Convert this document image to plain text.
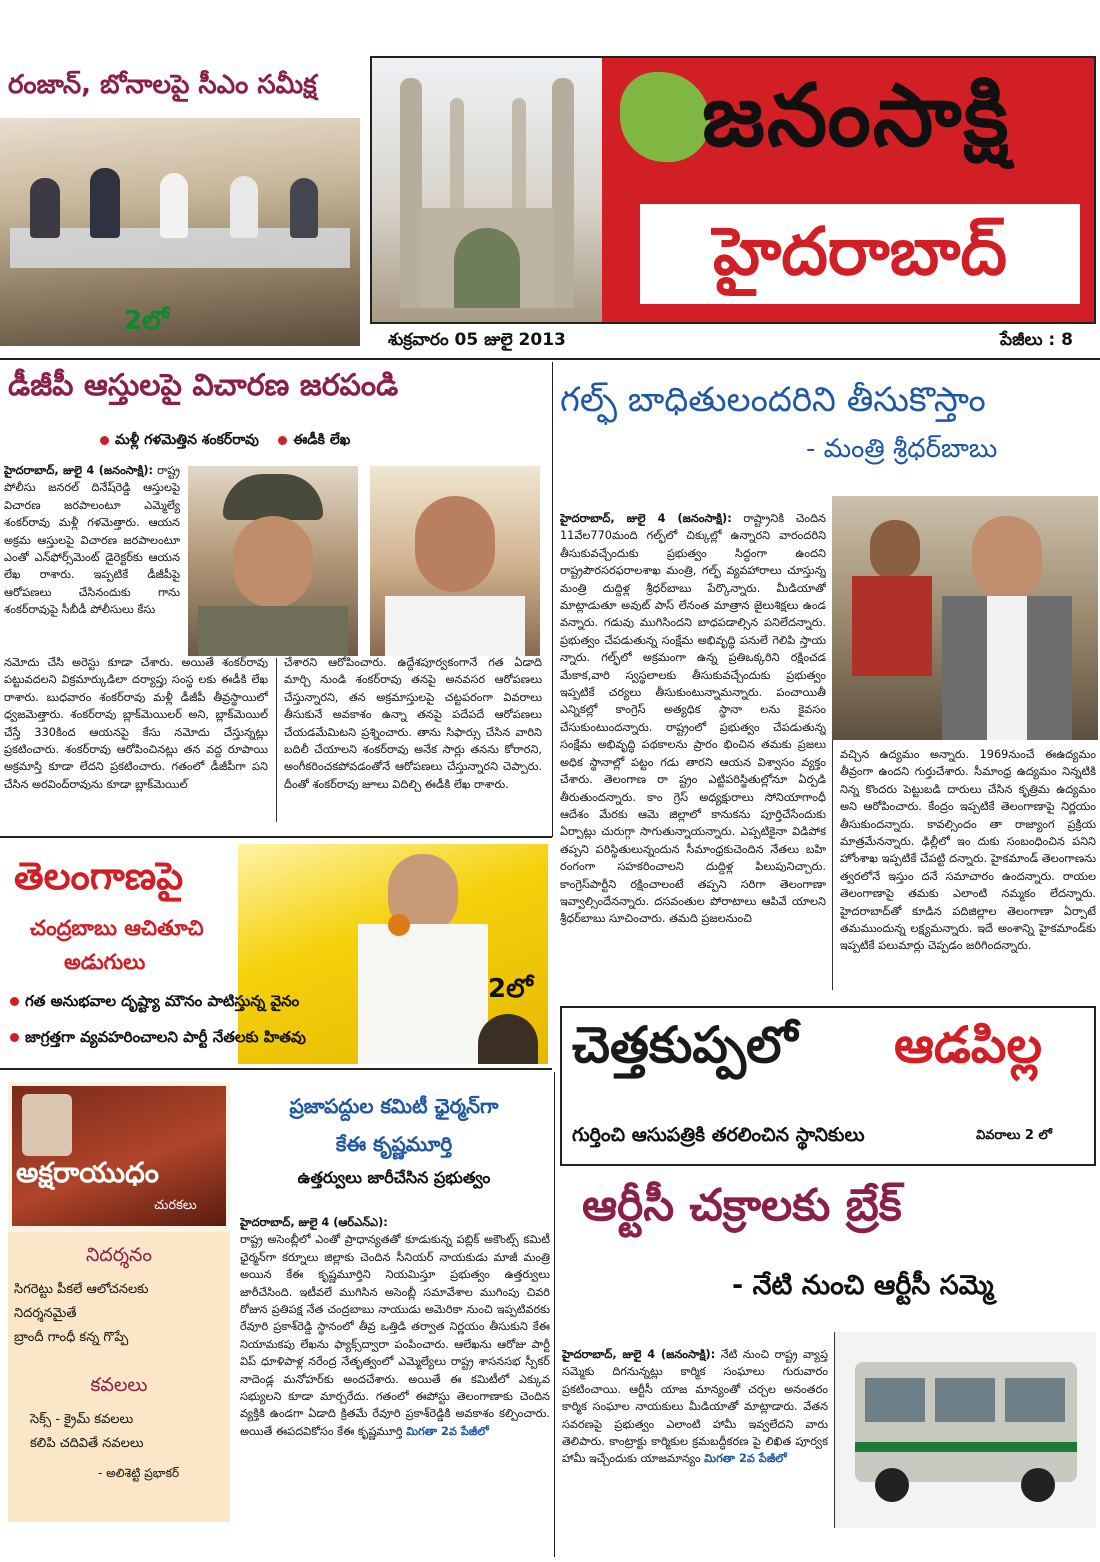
రంజాన్‌, బోనాలపై సీఎం సమీక్ష
2లో
జనంసాక్షి
హైదరాబాద్‌
శుక్రవారం 05 జులై 2013	పేజీలు : 8
డీజీపీ ఆస్తులపై విచారణ జరపండి
మళ్లీ గళమెత్తిన శంకర్‌రావు ఈడీకి లేఖ
హైదరాబాద్‌, జులై 4 (జనంసాక్షి): రాష్ట్ర పోలీసు జనరల్‌ దినేష్‌రెడ్డి ఆస్తులపై విచారణ జరపాలంటూ ఎమ్మెల్యే శంకర్‌రావు మళ్లీ గళమెత్తారు. ఆయన అక్రమ ఆస్తులపై విచారణ జరపాలంటూ ఎంతో ఎన్‌ఫోర్స్‌మెంట్‌ డైరెక్టర్‌కు ఆయన లేఖ రాశారు. ఇప్పటికే డీజీపీపై ఆరోపణలు చేసినందుకు గాను శంకర్‌రావుపై సీబీడీ పోలీసులు కేసు
నమోదు చేసి అరెస్టు కూడా చేశారు. అయితే శంకర్‌రావు పట్టువదలని విక్రమార్కుడిలా దర్యాప్తు సంస్థ లకు ఈడీకి లేఖ రాశారు. బుధవారం శంకర్‌రావు మళ్లీ డీజీపీ తీవ్రస్థాయిలో ధ్వజమెత్తారు. శంకర్‌రావు బ్లాక్‌మెయిలర్‌ అని, బ్లాక్‌మెయిల్‌ చేస్తే 330కింద ఆయనపై కేసు నమోదు చేస్తున్నట్లు ప్రకటించారు. శంకర్‌రావు ఆరోపించినట్లు తన వద్ద రూపాయి అక్రమాస్తి కూడా లేదని ప్రకటించారు. గతంలో డీజీపీగా పని చేసిన అరవింద్‌రావును కూడా బ్లాక్‌మెయిల్‌
చేశారని ఆరోపించారు. ఉద్దేశపూర్వకంగానే గత ఏడాది మార్చి నుండి శంకర్‌రావు తనపై అనవసర ఆరోపణలు చేస్తున్నారని, తన అక్రమాస్తులపై చట్టపరంగా వివరాలు తీసుకునే అవకాశం ఉన్నా తనపై పదేపదే ఆరోపణలు చేయడమేమిటని ప్రశ్నించారు. తాను సిఫార్సు చేసిన వారిని బదిలీ చేయాలని శంకర్‌రావు అనేక సార్లు తనను కోరారని, అంగీకరించకపోవడంతోనే ఆరోపణలు చేస్తున్నారని చెప్పారు. దీంతో శంకర్‌రావు జూలు విదిల్చి ఈడీకి లేఖ రాశారు.
గల్ఫ్‌ బాధితులందరిని తీసుకొస్తాం
- మంత్రి శ్రీధర్‌బాబు
హైదరాబాద్‌, జులై 4 (జనంసాక్షి): రాష్ట్రానికి చెందిన 11వేల770మంది గల్ఫ్‌లో చిక్కుల్లో ఉన్నారని వారందరిని తీసుకువచ్చేందుకు ప్రభుత్వం సిద్ధంగా ఉందని రాష్ట్రపౌరసరఫరాలశాఖ మంత్రి, గల్ఫ్‌ వ్యవహారాలు చూస్తున్న మంత్రి దుద్దిళ్ల శ్రీధర్‌బాబు పేర్కొన్నారు. మీడియాతో మాట్లాడుతూ అవుట్‌ పాస్‌ లేనంత మాత్రాన జైలుశిక్షలు ఉండ వన్నారు. గడువు ముగిసిందని బాధపడాల్సిన పనిలేదన్నారు. ప్రభుత్వం చేపడుతున్న సంక్షేమ అభివృద్ధి పనులే గెలిపి స్తాయ న్నారు. గల్ఫ్‌లో అక్రమంగా ఉన్న ప్రతిఒక్కరిని రక్షించడ మేకాక,వారి స్వస్థలాలకు తీసుకువచ్చేందుకు ప్రభుత్వం ఇప్పటికే చర్యలు తీసుకుంటున్నామన్నారు. పంచాయితీ ఎన్నికల్లో కాంగ్రెస్‌ అత్యధిక స్థానా లను కైవసం చేసుకుంటుందన్నారు. రాష్ట్రంలో ప్రభుత్వం చేపడుతున్న సంక్షేమ అభివృద్ధి పథకాలను ప్రారం భించిన తమకు ప్రజలు అధిక స్థానాల్లో పట్టం గడు తారని ఆయన విశ్వాసం వ్యక్తం చేశారు. తెలంగాణ రా ష్ట్రం ఎట్టిపరిస్థితుల్లోనూ ఏర్పడి తీరుతుందన్నారు. కాం గ్రెస్‌ అధ్యక్షురాలు సోనియాగాంధీ ఆదేశం మేరకు ఆమె జిల్లాలో కానుకను పూర్తిచేసేందుకు ఏర్పాట్లు చురుగ్గా సాగుతున్నాయన్నారు. ఎప్పటికైనా విడిపోక తప్పని పరిస్థితులున్నందున సీమాంధ్రకుచెందిన నేతలు బహి రంగంగా సహకరించాలని దుద్దిళ్ల పిలుపునిచ్చారు. కాంగ్రెస్‌పార్టీని రక్షించాలంటే తప్పని సరిగా తెలంగాణా ఇవ్వాల్సిందేనన్నారు. దసవంతుల పోరాటాలు ఆపివే యాలని శ్రీధర్‌బాబు సూచించారు. తమది ప్రజలనుంచి
వచ్చిన ఉద్యమం అన్నారు. 1969నుంచే ఈఉద్యమం తీవ్రంగా ఉందని గుర్తుచేశారు. సీమాంధ్ర ఉద్యమం నిన్నటికి నిన్న కొందరు పెట్టుబడి దారులు చేసిన కృత్రిమ ఉద్యమం అని ఆరోపించారు. కేంద్రం ఇప్పటికే తెలంగాణాపై నిర్ణయం తీసుకుందన్నారు. కావల్సిందం తా రాజ్యాంగ ప్రక్రియ మాత్రమేనన్నారు. ఢిల్లీలో ఇం దుకు సంబంధించిన పనిని హోంశాఖ ఇప్పటికే చేపట్టి దన్నారు. హైకమాండ్‌ తెలంగాణను త్వరలోనే ఇస్తుం దనే సమాచారం ఉందన్నారు. రాయల తెలంగాణాపై తమకు ఎలాంటి నమ్మకం లేదన్నారు. హైదరాబాద్‌తో కూడిన పదిజిల్లాల తెలంగాణా ఏర్పాటే తమముందున్న లక్ష్యమన్నారు. ఇదే అంశాన్ని హైకమాండ్‌కు ఇప్పటికే పలుమార్లు చెప్పడం జరిగిందన్నారు.
తెలంగాణపై
చంద్రబాబు ఆచితూచి
అడుగులు
2లో
గత అనుభవాల దృష్ట్యా మౌనం పాటిస్తున్న వైనం
జాగ్రత్తగా వ్యవహరించాలని పార్టీ నేతలకు హితవు	చెత్తకుప్పలో ఆడపిల్ల
గుర్తించి ఆసుపత్రికి తరలించిన స్థానికులు	వివరాలు 2 లో
అక్షరాయుధం
చురకలు
నిదర్శనం
సిగరెట్టు పీకలే ఆలోచనలకు
నిదర్శనమైతే
బ్రాందీ గాంధీ కన్న గొప్పే
కవలలు
సెక్స్‌ - క్రైమ్‌ కవలలు
కలిపి చదివితే నవలలు
- అలిశెట్టి ప్రభాకర్‌
ప్రజాపద్దుల కమిటీ ఛైర్మన్‌గా
కేఈ కృష్ణమూర్తి
ఉత్తర్వులు జారీచేసిన ప్రభుత్వం
హైదరాబాద్‌, జులై 4 (ఆర్‌ఎన్‌ఎ):
రాష్ట్ర అసెంబ్లీలో ఎంతో ప్రాధాన్యతతో కూడుకున్న పబ్లిక్‌ అకౌంట్స్‌ కమిటీ ఛైర్మన్‌గా కర్నూలు జిల్లాకు చెందిన సీనియర్‌ నాయకుడు మాజీ మంత్రి అయిన కేఈ కృష్ణమూర్తిని నియమిస్తూ ప్రభుత్వం ఉత్తర్వులు జారీచేసింది. ఇటీవలే ముగిసిన అసెంబ్లీ సమావేశాల ముగింపు చివరి రోజున ప్రతిపక్ష నేత చంద్రబాబు నాయుడు అమెరికా నుంచి ఇప్పటివరకు రేవూరి ప్రకాశ్‌రెడ్డి స్థానంలో తీవ్ర ఒత్తిడి తర్వాత నిర్ణయం తీసుకుని కేఈ నియామకపు లేఖను ఫ్యాక్స్‌ద్వారా పంపించారు. ఆలేఖను ఆరోజు పార్టీ విప్‌ ధూళిపాళ్ల నరేంద్ర నేతృత్వంలో ఎమ్మెల్యేలు రాష్ట్ర శాసనసభ స్పీకర్‌ నాదెండ్ల మనోహర్‌కు అందచేశారు. అయితే ఈ కమిటీలో ఎక్కువ సభ్యులని కూడా మార్చరేదు. గతంలో ఈపోస్టు తెలంగాణాకు చెందిన వ్యక్తికి ఉండగా ఏడాది క్రితమే రేవూరి ప్రకాశ్‌రెడ్డికి అవకాశం కల్పించారు. అయితే ఈపదవికోసం కేఈ కృష్ణమూర్తి మిగతా 2వ పేజీలో
ఆర్టీసీ చక్రాలకు బ్రేక్‌
- నేటి నుంచి ఆర్టీసీ సమ్మె
హైదరాబాద్‌, జులై 4 (జనంసాక్షి): నేటి నుంచి రాష్ట్ర వ్యాప్త సమ్మెకు దిగనున్నట్లు కార్మిక సంఘాలు గురువారం ప్రకటించాయి. ఆర్టీసీ యాజ మాన్యంతో చర్చల అనంతరం కార్మిక సంఘాల నాయకులు మీడియాతో మాట్లాడారు. వేతన సవరణపై ప్రభుత్వం ఎలాంటి హామీ ఇవ్వలేదని వారు తెలిపారు. కాంట్రాక్టు కార్మికుల క్రమబద్ధీకరణ పై లిఖిత పూర్వక హామీ ఇచ్చేందుకు యాజమాన్యం మిగతా 2వ పేజీలో
